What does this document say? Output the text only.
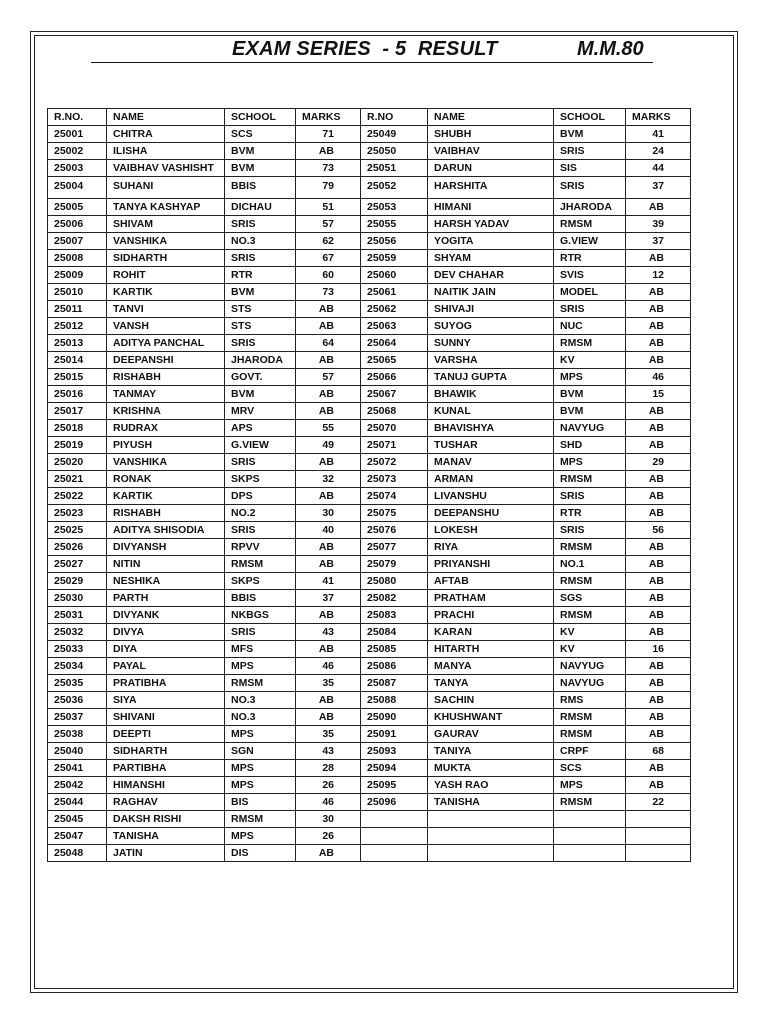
EXAM SERIES  - 5  RESULT	M.M.80
R.NO.	NAME	SCHOOL	MARKS	R.NO	NAME	SCHOOL	MARKS
25001	CHITRA	SCS	71	25049	SHUBH	BVM	41
25002	ILISHA	BVM	AB	25050	VAIBHAV	SRIS	24
25003	VAIBHAV VASHISHT	BVM	73	25051	DARUN	SIS	44
25004	SUHANI	BBIS	79	25052	HARSHITA	SRIS	37
25005	TANYA KASHYAP	DICHAU	51	25053	HIMANI	JHARODA	AB
25006	SHIVAM	SRIS	57	25055	HARSH YADAV	RMSM	39
25007	VANSHIKA	NO.3	62	25056	YOGITA	G.VIEW	37
25008	SIDHARTH	SRIS	67	25059	SHYAM	RTR	AB
25009	ROHIT	RTR	60	25060	DEV CHAHAR	SVIS	12
25010	KARTIK	BVM	73	25061	NAITIK JAIN	MODEL	AB
25011	TANVI	STS	AB	25062	SHIVAJI	SRIS	AB
25012	VANSH	STS	AB	25063	SUYOG	NUC	AB
25013	ADITYA PANCHAL	SRIS	64	25064	SUNNY	RMSM	AB
25014	DEEPANSHI	JHARODA	AB	25065	VARSHA	KV	AB
25015	RISHABH	GOVT.	57	25066	TANUJ GUPTA	MPS	46
25016	TANMAY	BVM	AB	25067	BHAWIK	BVM	15
25017	KRISHNA	MRV	AB	25068	KUNAL	BVM	AB
25018	RUDRAX	APS	55	25070	BHAVISHYA	NAVYUG	AB
25019	PIYUSH	G.VIEW	49	25071	TUSHAR	SHD	AB
25020	VANSHIKA	SRIS	AB	25072	MANAV	MPS	29
25021	RONAK	SKPS	32	25073	ARMAN	RMSM	AB
25022	KARTIK	DPS	AB	25074	LIVANSHU	SRIS	AB
25023	RISHABH	NO.2	30	25075	DEEPANSHU	RTR	AB
25025	ADITYA SHISODIA	SRIS	40	25076	LOKESH	SRIS	56
25026	DIVYANSH	RPVV	AB	25077	RIYA	RMSM	AB
25027	NITIN	RMSM	AB	25079	PRIYANSHI	NO.1	AB
25029	NESHIKA	SKPS	41	25080	AFTAB	RMSM	AB
25030	PARTH	BBIS	37	25082	PRATHAM	SGS	AB
25031	DIVYANK	NKBGS	AB	25083	PRACHI	RMSM	AB
25032	DIVYA	SRIS	43	25084	KARAN	KV	AB
25033	DIYA	MFS	AB	25085	HITARTH	KV	16
25034	PAYAL	MPS	46	25086	MANYA	NAVYUG	AB
25035	PRATIBHA	RMSM	35	25087	TANYA	NAVYUG	AB
25036	SIYA	NO.3	AB	25088	SACHIN	RMS	AB
25037	SHIVANI	NO.3	AB	25090	KHUSHWANT	RMSM	AB
25038	DEEPTI	MPS	35	25091	GAURAV	RMSM	AB
25040	SIDHARTH	SGN	43	25093	TANIYA	CRPF	68
25041	PARTIBHA	MPS	28	25094	MUKTA	SCS	AB
25042	HIMANSHI	MPS	26	25095	YASH RAO	MPS	AB
25044	RAGHAV	BIS	46	25096	TANISHA	RMSM	22
25045	DAKSH RISHI	RMSM	30				
25047	TANISHA	MPS	26				
25048	JATIN	DIS	AB				
